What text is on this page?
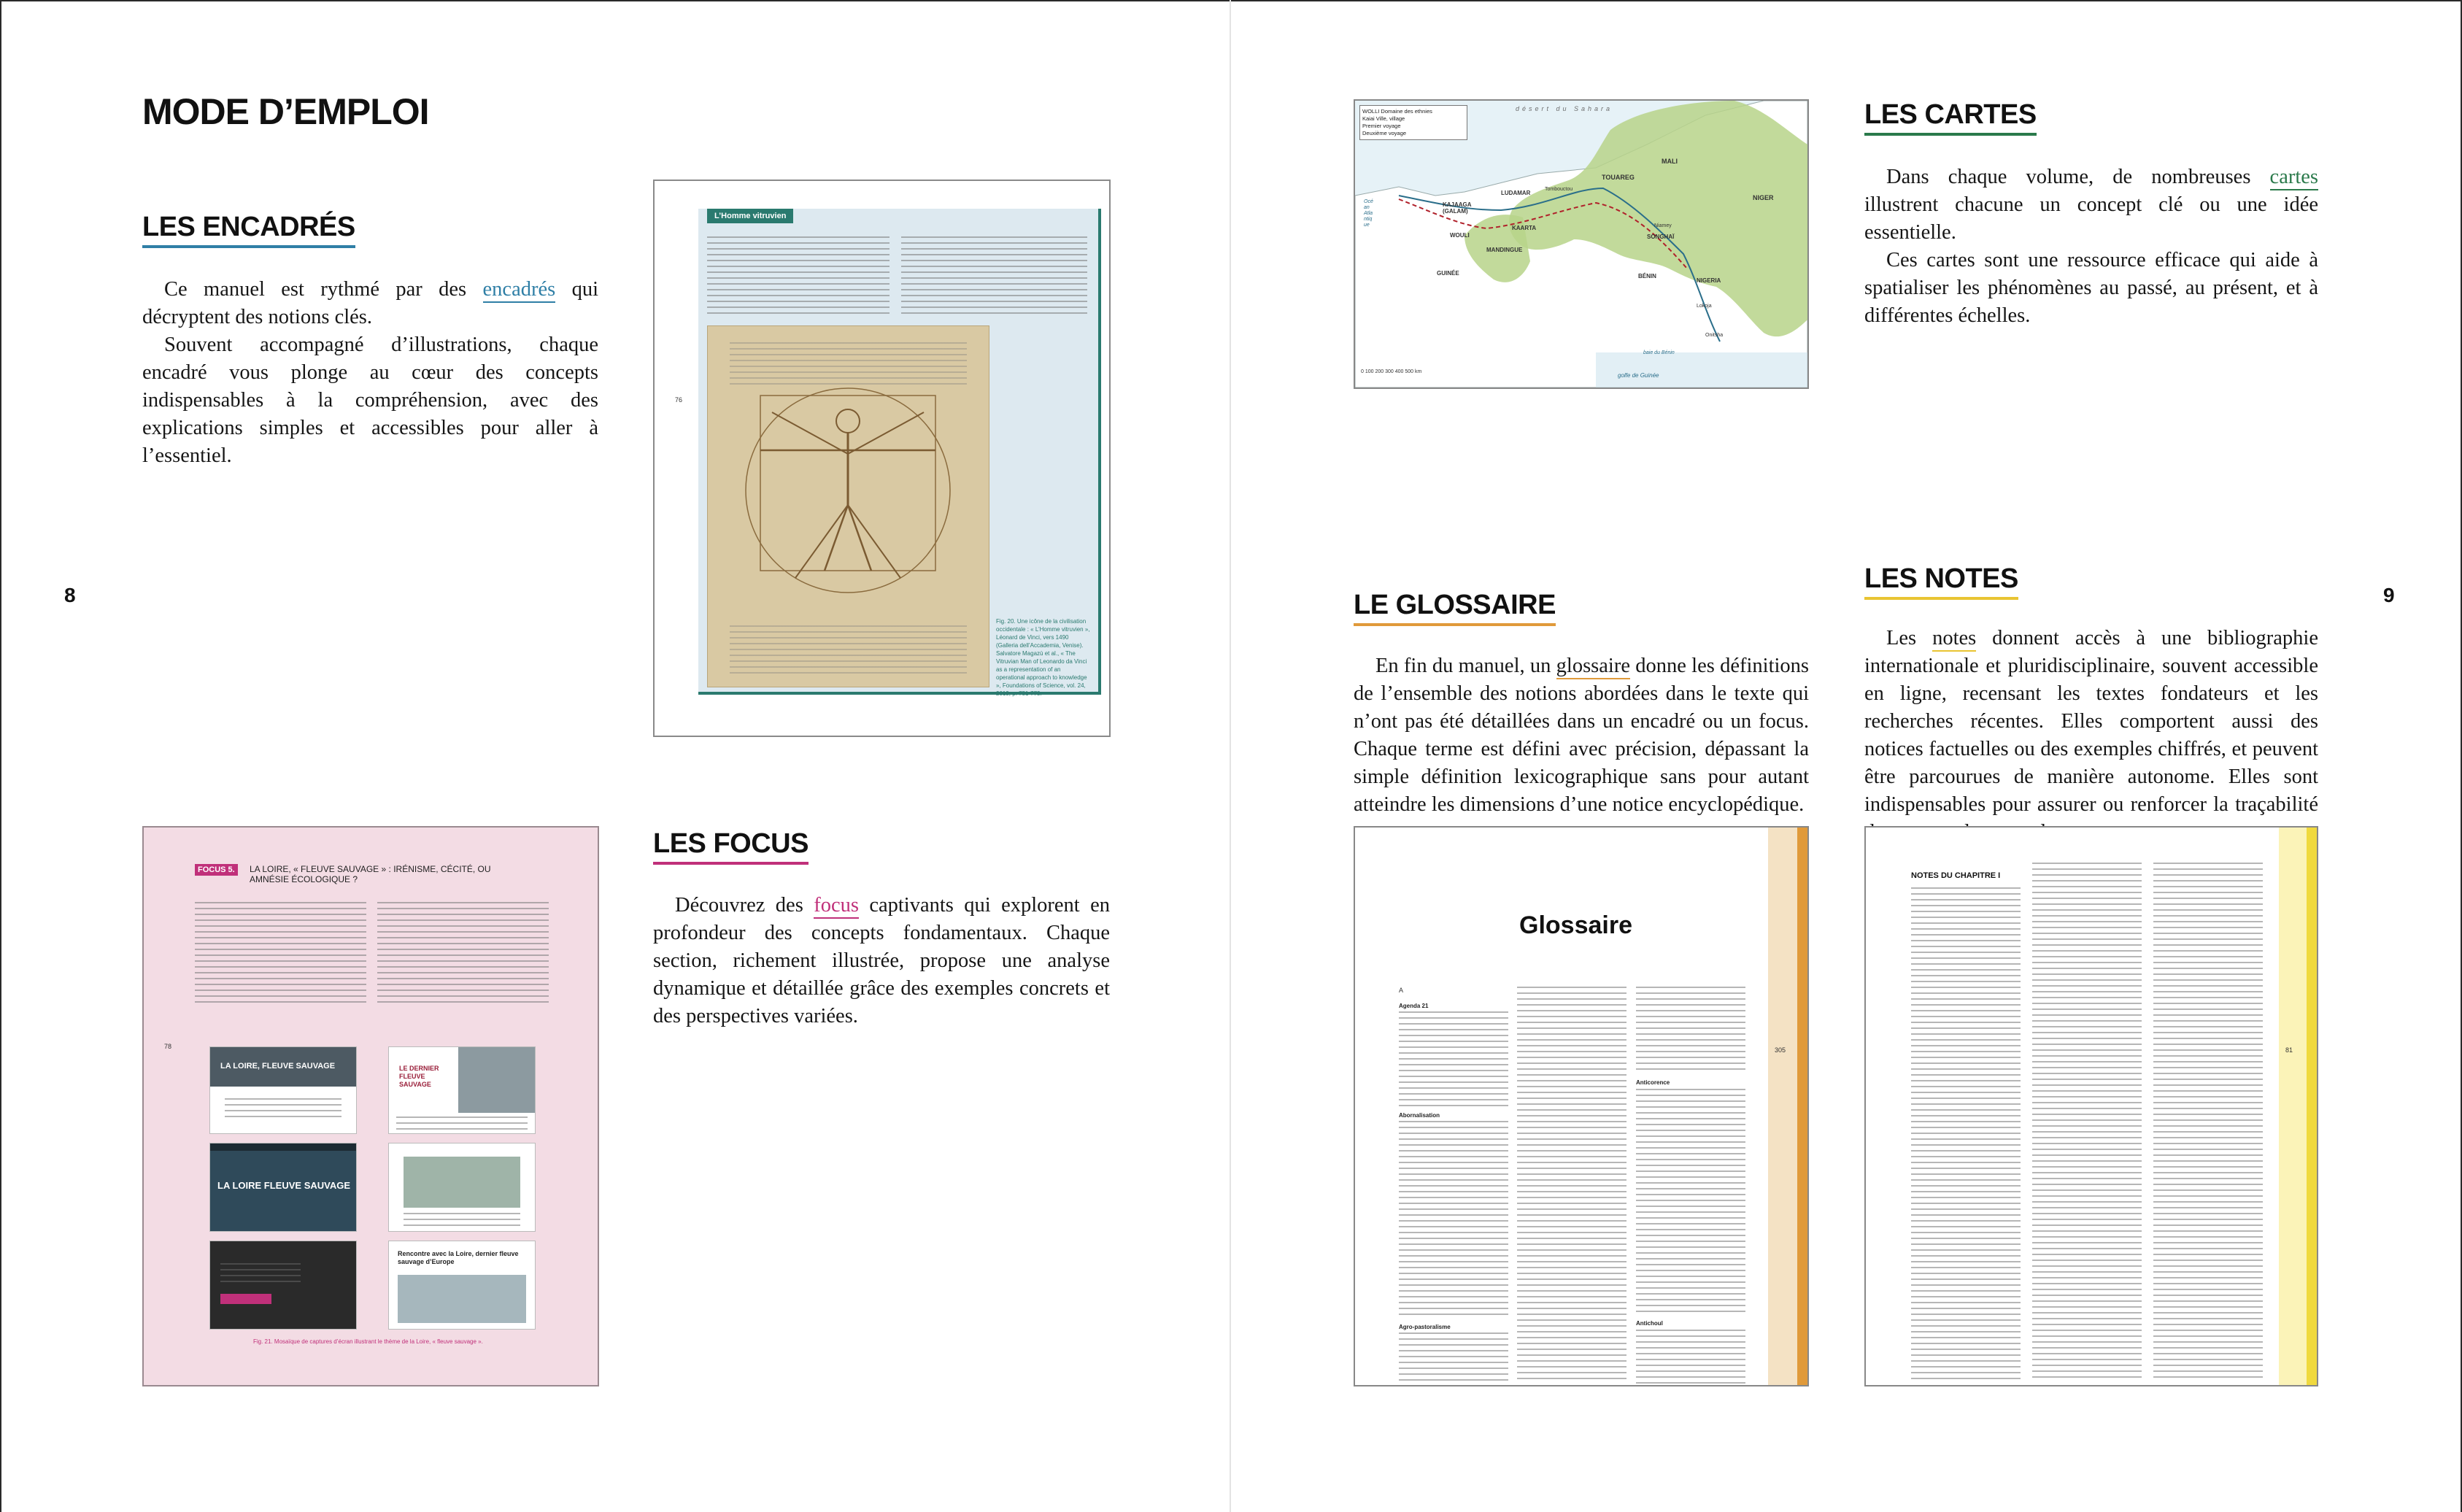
MODE D’EMPLOI
8	9
LES ENCADRÉS

Ce manuel est rythmé par des encadrés qui décryptent des notions clés.

Souvent accompagné d’illustrations, chaque encadré vous plonge au cœur des concepts indispensables à la compréhension, avec des explications simples et accessibles pour aller à l’essentiel.

L’Homme vitruvien
Fig. 20. Une icône de la civilisation occidentale : « L’Homme vitruvien », Léonard de Vinci, vers 1490 (Galleria dell’Accademia, Venise). Salvatore Magazù et al., « The Vitruvian Man of Leonardo da Vinci as a representation of an operational approach to knowledge », Foundations of Science, vol. 24, 2019, p. 751-773.
76
LES FOCUS

Découvrez des focus captivants qui explorent en profondeur des concepts fondamentaux. Chaque section, richement illustrée, propose une analyse dynamique et détaillée grâce des exemples concrets et des perspectives variées.

FOCUS 5.	LA LOIRE, « FLEUVE SAUVAGE » : IRÉNISME, CÉCITÉ, OU AMNÉSIE ÉCOLOGIQUE ?
78
LA LOIRE, FLEUVE SAUVAGE	LE DERNIER FLEUVE SAUVAGE
LA LOIRE FLEUVE SAUVAGE
Rencontre avec la Loire, dernier fleuve sauvage d’Europe
Fig. 21. Mosaïque de captures d’écran illustrant le thème de la Loire, « fleuve sauvage ».
WOLLI Domaine des ethnies
Kaiai Ville, village
Premier voyage
Deuxième voyage
désert du Sahara
MALI
TOUAREG
NIGER
LUDAMAR
KAJAAGA (GALAM)
KAARTA
WOULI
MANDINGUE
GUINÉE
SONGHAÏ
BÉNIN
NIGERIA
Tombouctou
Niamey
Lokoja
Onitsha
golfe de Guinée
baie du Bénin
Océan Atlantique
0 100 200 300 400 500 km
LES CARTES

Dans chaque volume, de nombreuses cartes illustrent chacune un concept clé ou une idée essentielle.

Ces cartes sont une ressource efficace qui aide à spatialiser les phénomènes au passé, au présent, et à différentes échelles.

LE GLOSSAIRE

En fin du manuel, un glossaire donne les définitions de l’ensemble des notions abordées dans le texte qui n’ont pas été détaillées dans un encadré ou un focus. Chaque terme est défini avec précision, dépassant la simple définition lexicographique sans pour autant atteindre les dimensions d’une notice encyclopédique.

Glossaire
305
A
Agenda 21
Abornalisation
Agro-pastoralisme
Anticorence
Antichoul
LES NOTES

Les notes donnent accès à une bibliographie internationale et pluridisciplinaire, souvent accessible en ligne, recensant les textes fondateurs et les recherches récentes. Elles comportent aussi des notices factuelles ou des exemples chiffrés, et peuvent être parcourues de manière autonome. Elles sont indispensables pour assurer ou renforcer la traçabilité

NOTES DU CHAPITRE I
81
